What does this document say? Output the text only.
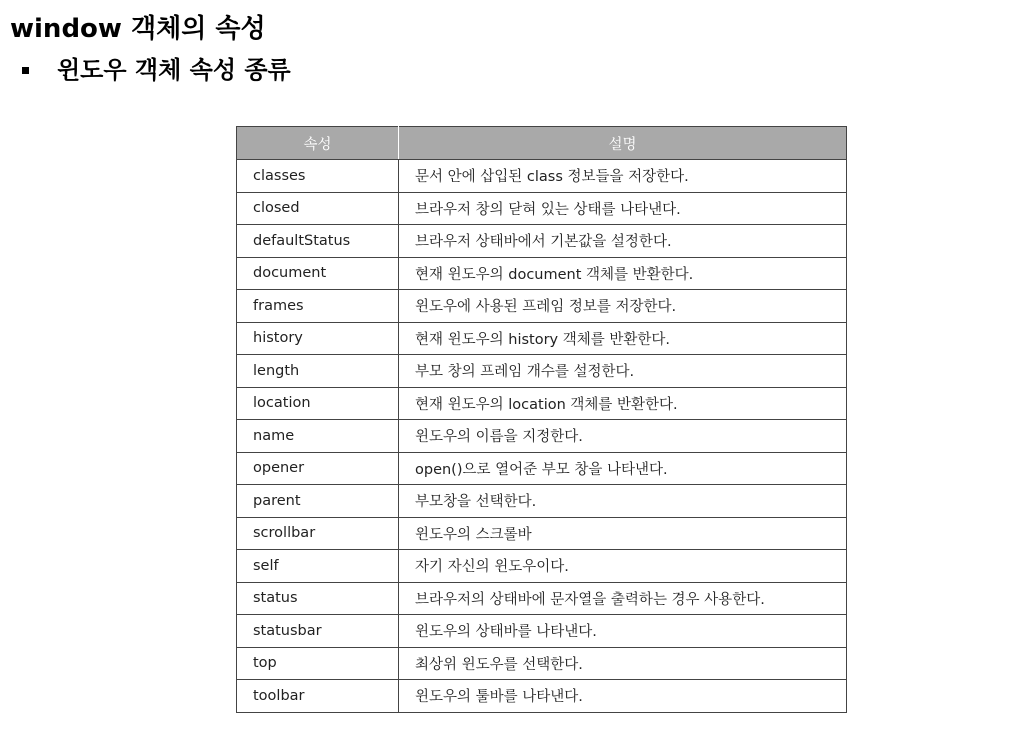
window 객체의 속성
윈도우 객체 속성 종류
속성	설명
classes	문서 안에 삽입된 class 정보들을 저장한다.
closed	브라우저 창의 닫혀 있는 상태를 나타낸다.
defaultStatus	브라우저 상태바에서 기본값을 설정한다.
document	현재 윈도우의 document 객체를 반환한다.
frames	윈도우에 사용된 프레임 정보를 저장한다.
history	현재 윈도우의 history 객체를 반환한다.
length	부모 창의 프레임 개수를 설정한다.
location	현재 윈도우의 location 객체를 반환한다.
name	윈도우의 이름을 지정한다.
opener	open()으로 열어준 부모 창을 나타낸다.
parent	부모창을 선택한다.
scrollbar	윈도우의 스크롤바
self	자기 자신의 윈도우이다.
status	브라우저의 상태바에 문자열을 출력하는 경우 사용한다.
statusbar	윈도우의 상태바를 나타낸다.
top	최상위 윈도우를 선택한다.
toolbar	윈도우의 툴바를 나타낸다.
